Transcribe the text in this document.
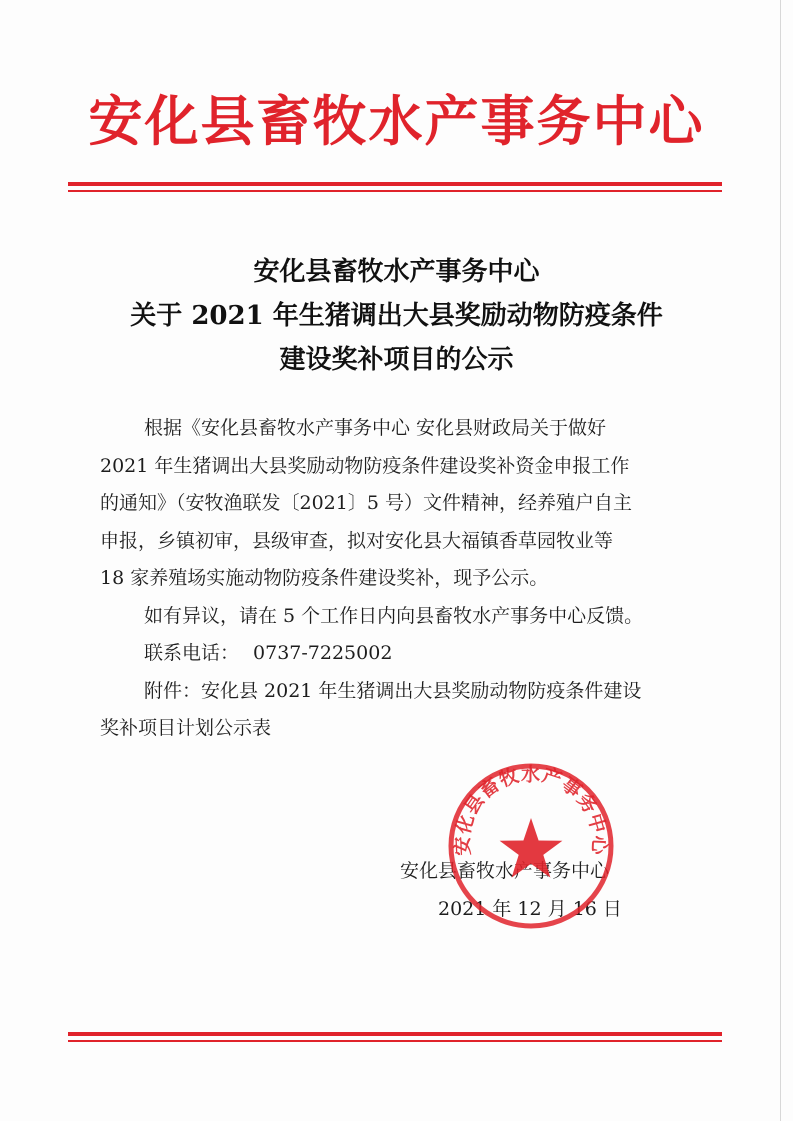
安化县畜牧水产事务中心
安化县畜牧水产事务中心
关于 2021 年生猪调出大县奖励动物防疫条件
建设奖补项目的公示

根据《安化县畜牧水产事务中心 安化县财政局关于做好
2021 年生猪调出大县奖励动物防疫条件建设奖补资金申报工作
的通知》（安牧渔联发〔2021〕5 号）文件精神，经养殖户自主
申报，乡镇初审，县级审查，拟对安化县大福镇香草园牧业等
18 家养殖场实施动物防疫条件建设奖补，现予公示。

如有异议，请在 5 个工作日内向县畜牧水产事务中心反馈。

联系电话： 0737-7225002

附件：安化县 2021 年生猪调出大县奖励动物防疫条件建设
奖补项目计划公示表

安化县畜牧水产事务中心
2021 年 12 月 16 日
安化县畜牧水产事务中心
